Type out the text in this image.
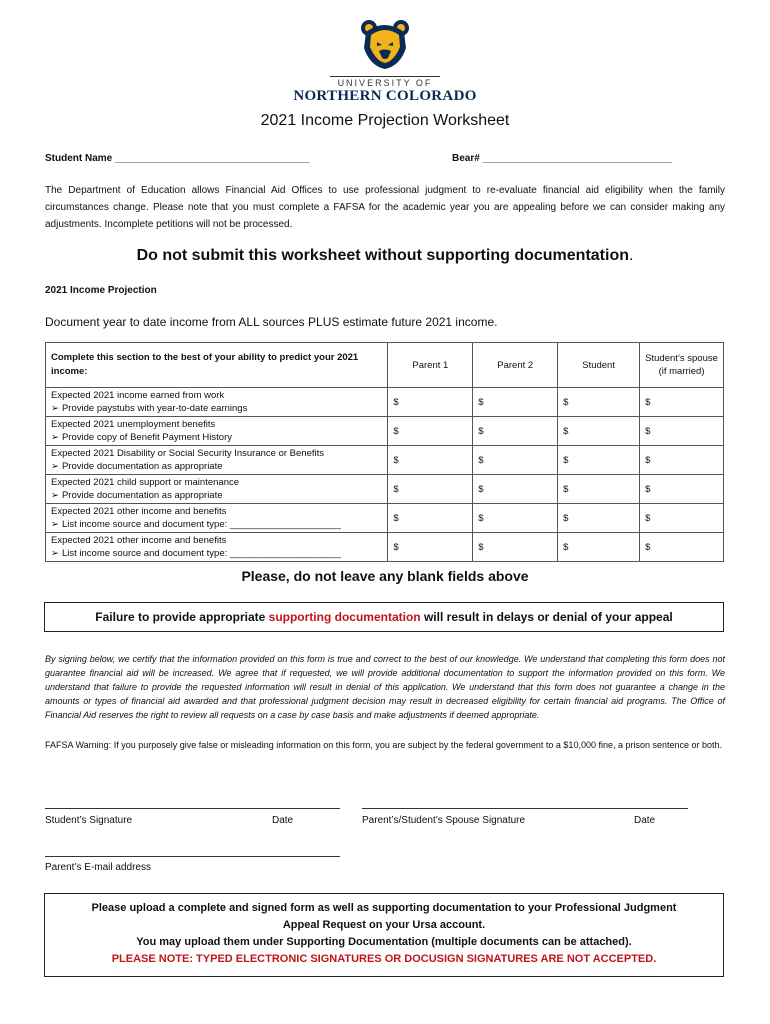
UNIVERSITY OF
NORTHERN COLORADO
2021 Income Projection Worksheet
Student Name ___________________________________	Bear# __________________________________
The Department of Education allows Financial Aid Offices to use professional judgment to re-evaluate financial aid eligibility when the family circumstances change. Please note that you must complete a FAFSA for the academic year you are appealing before we can consider making any adjustments. Incomplete petitions will not be processed.
Do not submit this worksheet without supporting documentation.
2021 Income Projection
Document year to date income from ALL sources PLUS estimate future 2021 income.
Complete this section to the best of your ability to predict your 2021 income:	Parent 1	Parent 2	Student	Student’s spouse (if married)

Expected 2021 income earned from work
➢ Provide paystubs with year-to-date earnings	$	$	$	$

Expected 2021 unemployment benefits
➢ Provide copy of Benefit Payment History	$	$	$	$

Expected 2021 Disability or Social Security Insurance or Benefits
➢ Provide documentation as appropriate	$	$	$	$

Expected 2021 child support or maintenance
➢ Provide documentation as appropriate	$	$	$	$

Expected 2021 other income and benefits
➢ List income source and document type: _____________________	$	$	$	$

Expected 2021 other income and benefits
➢ List income source and document type: _____________________	$	$	$	$
Please, do not leave any blank fields above
Failure to provide appropriate supporting documentation will result in delays or denial of your appeal
By signing below, we certify that the information provided on this form is true and correct to the best of our knowledge. We understand that completing this form does not guarantee financial aid will be increased. We agree that if requested, we will provide additional documentation to support the information provided on this form. We understand that failure to provide the requested information will result in denial of this application. We understand that this form does not guarantee a change in the amounts or types of financial aid awarded and that professional judgment decision may result in decreased eligibility for certain financial aid programs. The Office of Financial Aid reserves the right to review all requests on a case by case basis and make adjustments if deemed appropriate.
FAFSA Warning: If you purposely give false or misleading information on this form, you are subject by the federal government to a $10,000 fine, a prison sentence or both.
Student’s Signature	Date	Parent’s/Student’s Spouse Signature	Date
Parent’s E-mail address
Please upload a complete and signed form as well as supporting documentation to your Professional Judgment
Appeal Request on your Ursa account.
You may upload them under Supporting Documentation (multiple documents can be attached).
PLEASE NOTE: TYPED ELECTRONIC SIGNATURES OR DOCUSIGN SIGNATURES ARE NOT ACCEPTED.
